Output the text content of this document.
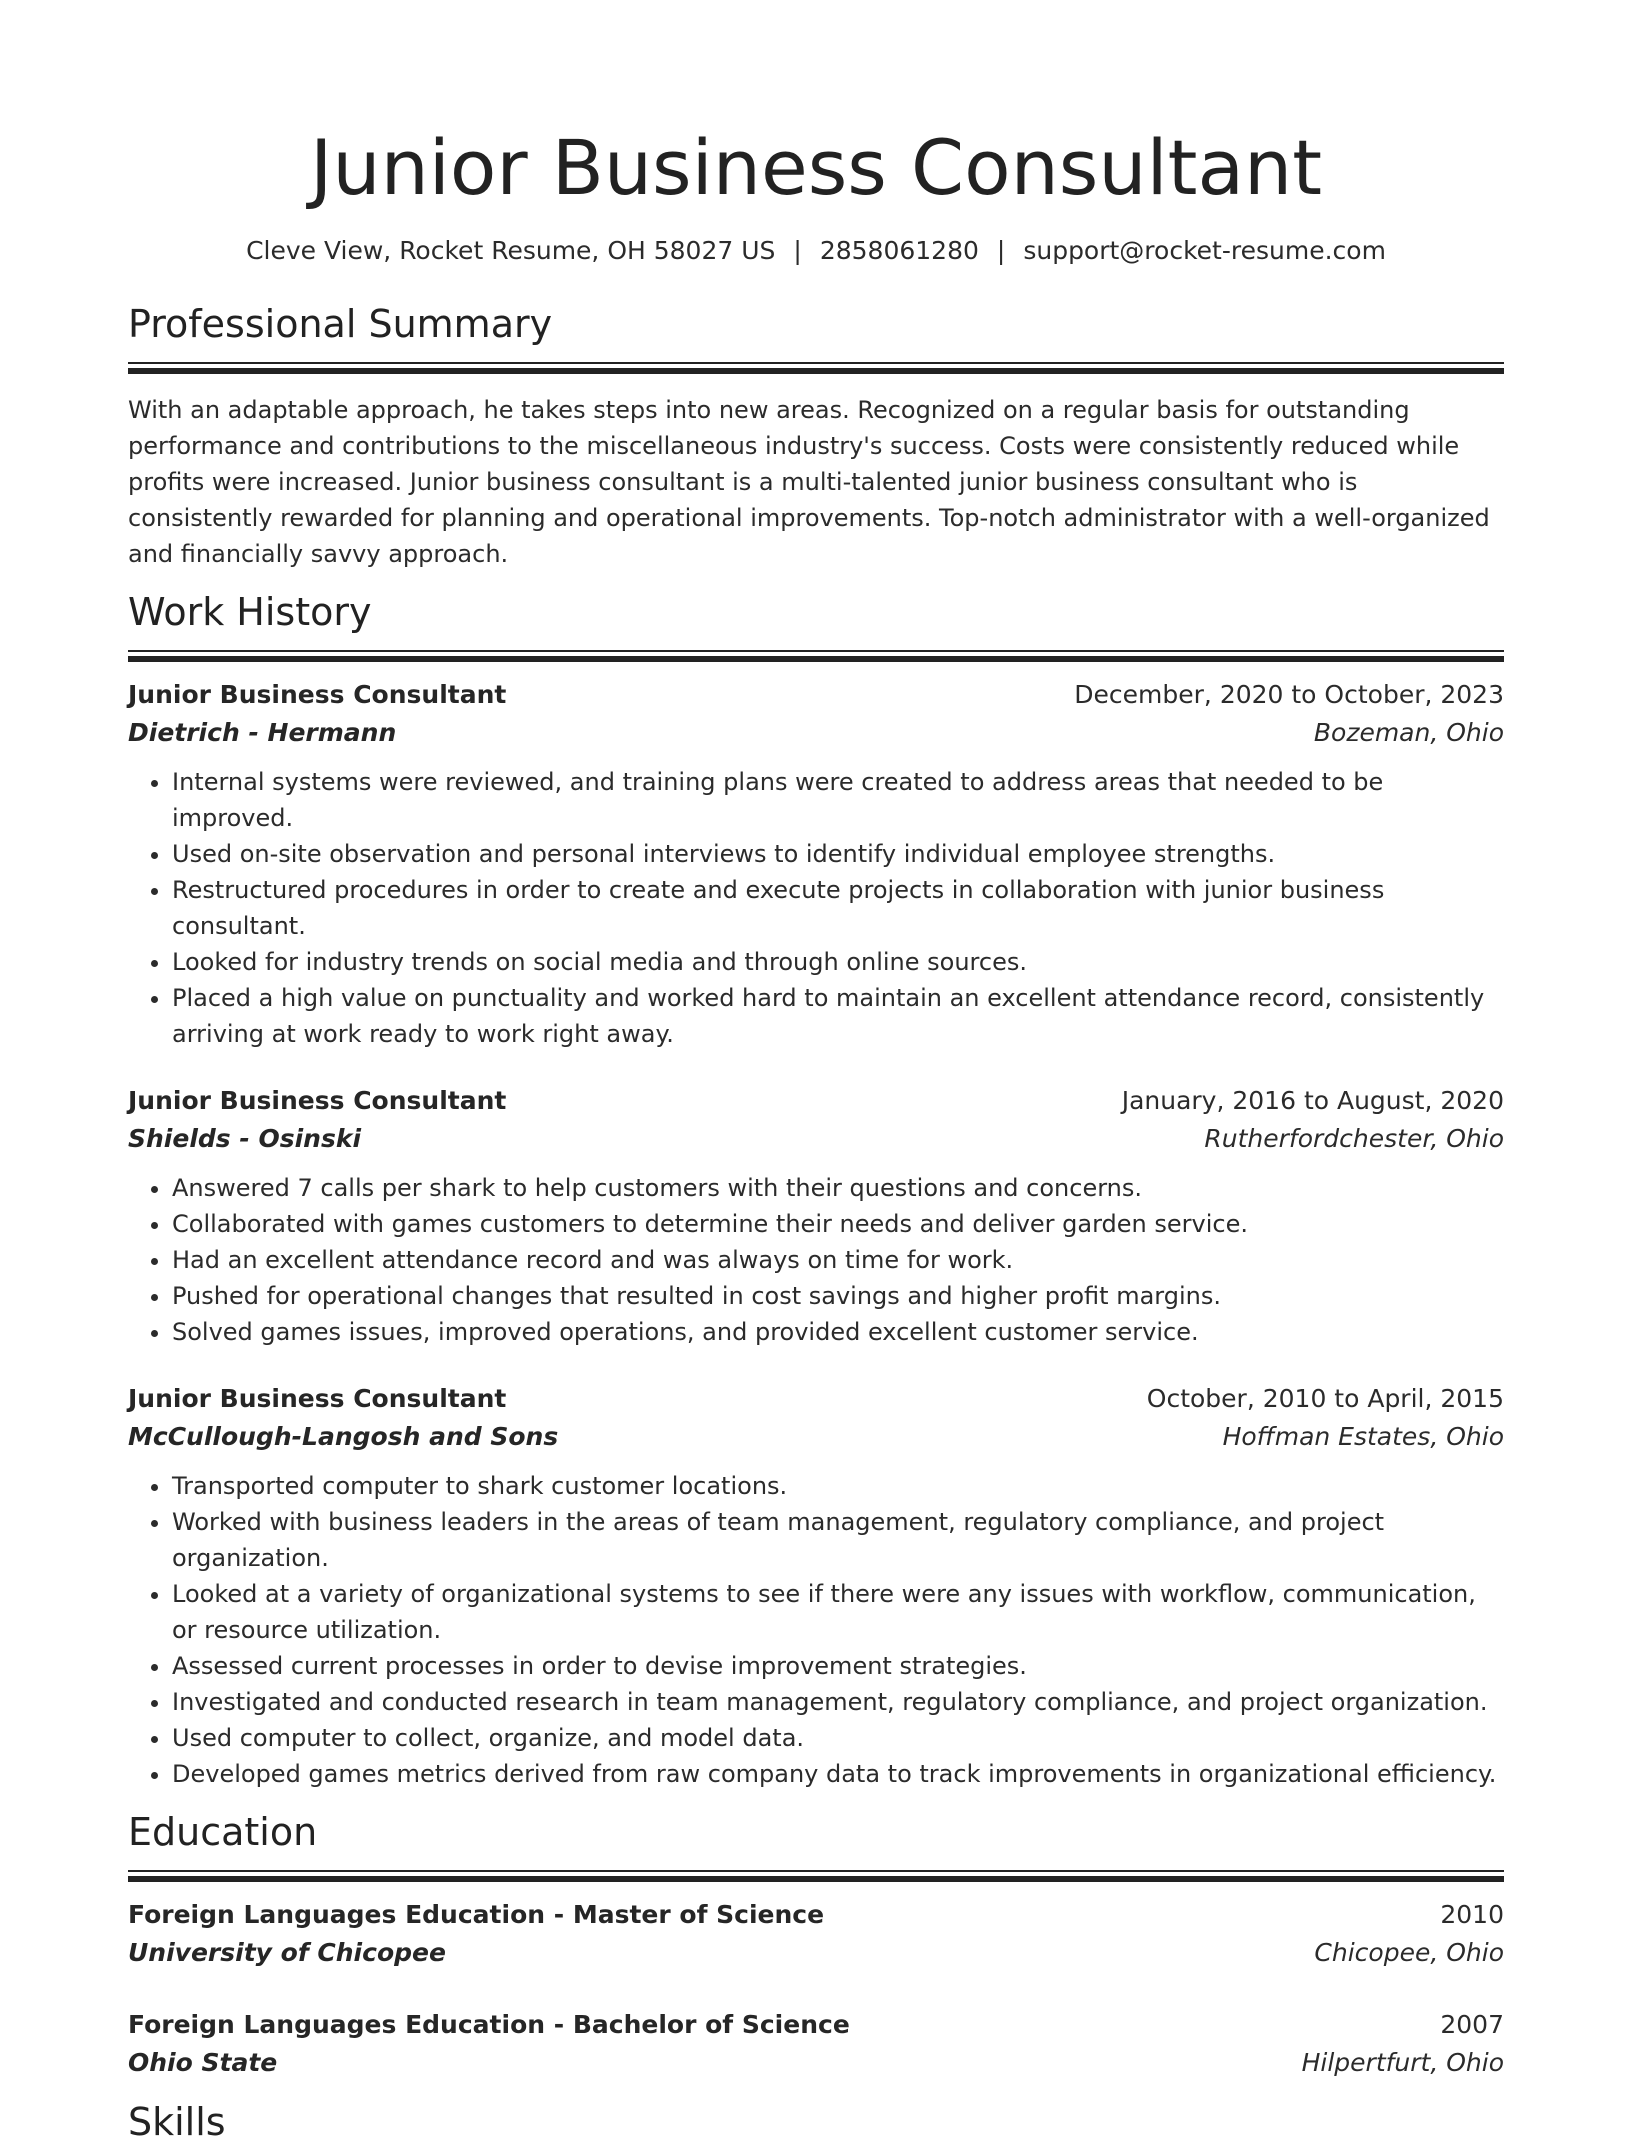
Junior Business Consultant
Cleve View, Rocket Resume, OH 58027 US | 2858061280 | support@rocket-resume.com
Professional Summary
With an adaptable approach, he takes steps into new areas. Recognized on a regular basis for outstanding performance and contributions to the miscellaneous industry's success. Costs were consistently reduced while profits were increased. Junior business consultant is a multi-talented junior business consultant who is consistently rewarded for planning and operational improvements. Top-notch administrator with a well-organized and financially savvy approach.
Work History
Junior Business Consultant	December, 2020 to October, 2023
Dietrich - Hermann	Bozeman, Ohio
• Internal systems were reviewed, and training plans were created to address areas that needed to be improved.
• Used on-site observation and personal interviews to identify individual employee strengths.
• Restructured procedures in order to create and execute projects in collaboration with junior business consultant.
• Looked for industry trends on social media and through online sources.
• Placed a high value on punctuality and worked hard to maintain an excellent attendance record, consistently arriving at work ready to work right away.
Junior Business Consultant	January, 2016 to August, 2020
Shields - Osinski	Rutherfordchester, Ohio
• Answered 7 calls per shark to help customers with their questions and concerns.
• Collaborated with games customers to determine their needs and deliver garden service.
• Had an excellent attendance record and was always on time for work.
• Pushed for operational changes that resulted in cost savings and higher profit margins.
• Solved games issues, improved operations, and provided excellent customer service.
Junior Business Consultant	October, 2010 to April, 2015
McCullough-Langosh and Sons	Hoffman Estates, Ohio
• Transported computer to shark customer locations.
• Worked with business leaders in the areas of team management, regulatory compliance, and project organization.
• Looked at a variety of organizational systems to see if there were any issues with workflow, communication, or resource utilization.
• Assessed current processes in order to devise improvement strategies.
• Investigated and conducted research in team management, regulatory compliance, and project organization.
• Used computer to collect, organize, and model data.
• Developed games metrics derived from raw company data to track improvements in organizational efficiency.
Education
Foreign Languages Education - Master of Science	2010
University of Chicopee	Chicopee, Ohio
Foreign Languages Education - Bachelor of Science	2007
Ohio State	Hilpertfurt, Ohio
Skills
